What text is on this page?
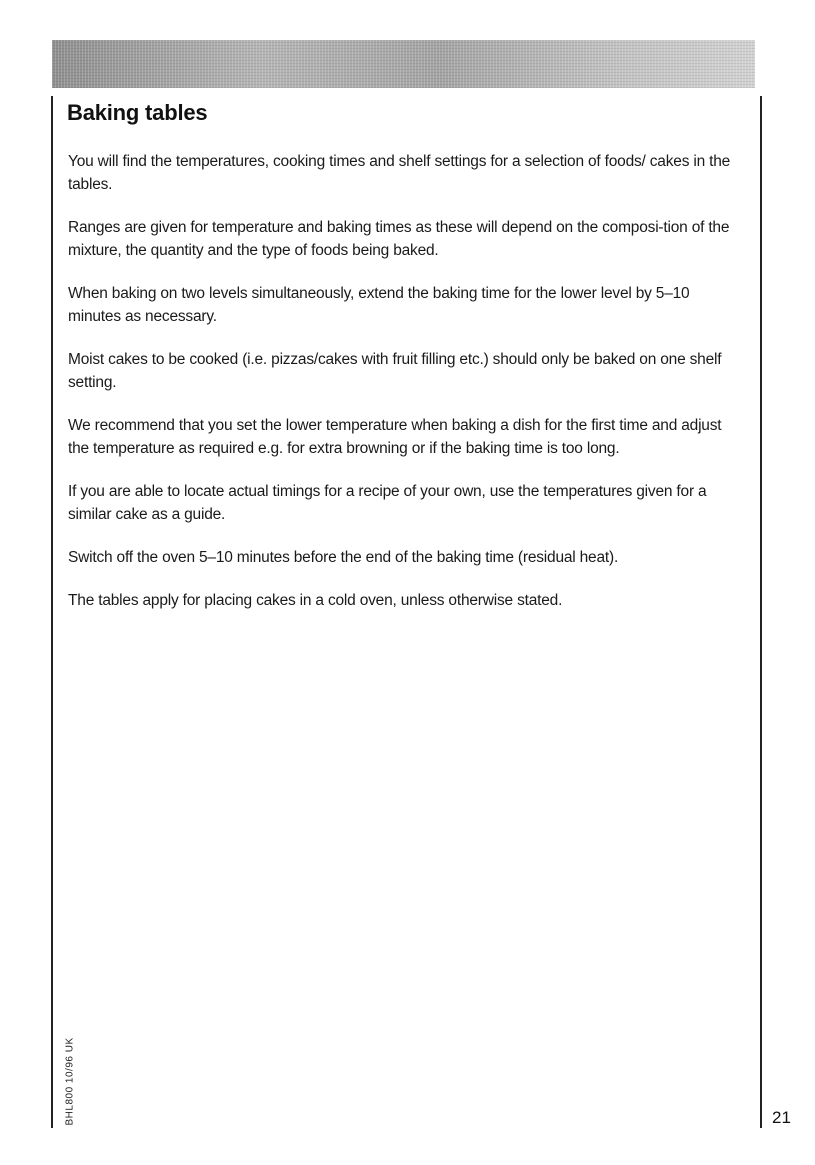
Baking tables

You will find the temperatures, cooking times and shelf settings for a selection of foods/ cakes in the tables.

Ranges are given for temperature and baking times as these will depend on the composi-tion of the mixture, the quantity and the type of foods being baked.

When baking on two levels simultaneously, extend the baking time for the lower level by 5–10 minutes as necessary.

Moist cakes to be cooked (i.e. pizzas/cakes with fruit filling etc.) should only be baked on one shelf setting.

We recommend that you set the lower temperature when baking a dish for the first time and adjust the temperature as required e.g. for extra browning or if the baking time is too long.

If you are able to locate actual timings for a recipe of your own, use the temperatures given for a similar cake as a guide.

Switch off the oven 5–10 minutes before the end of the baking time (residual heat).

The tables apply for placing cakes in a cold oven, unless otherwise stated.

BHL800 10/96 UK	21
